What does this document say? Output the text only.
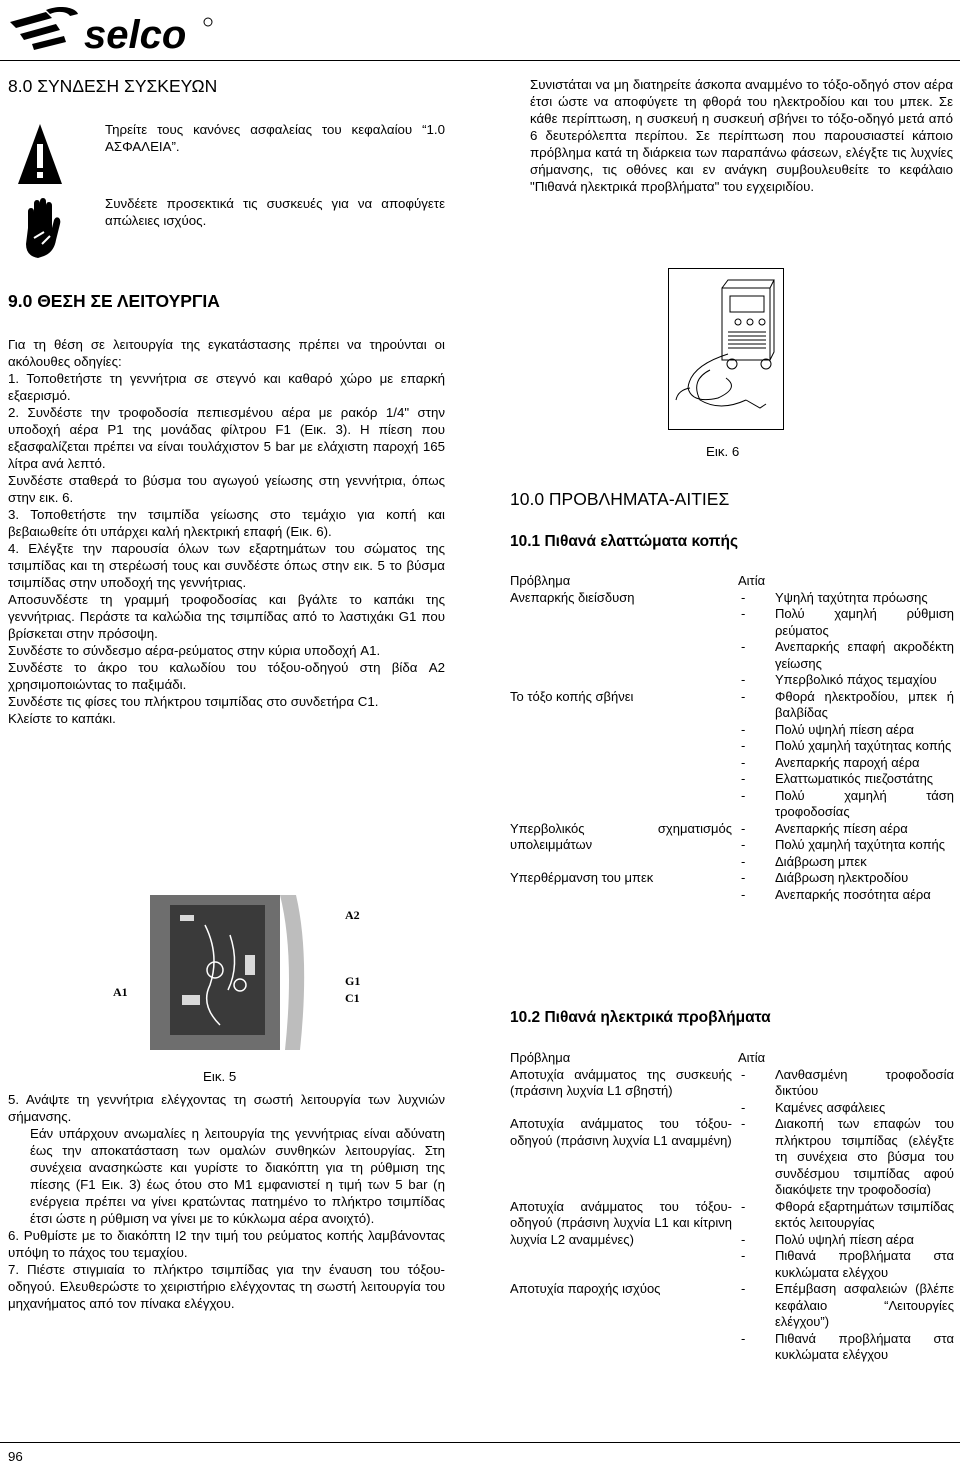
selco
8.0 ΣΥΝΔΕΣΗ ΣΥΣΚΕΥΩΝ

Τηρείτε τους κανόνες ασφαλείας του κεφαλαίου “1.0 ΑΣΦΑΛΕΙΑ”.

Συνδέετε προσεκτικά τις συσκευές για να αποφύγετε απώλειες ισχύος.

Συνιστάται να μη διατηρείτε άσκοπα αναμμένο το τόξο-οδηγό στον αέρα έτσι ώστε να αποφύγετε τη φθορά του ηλεκτροδίου και του μπεκ. Σε κάθε περίπτωση, η συσκευή η συσκευή σβήνει το τόξο-οδηγό μετά από 6 δευτερόλεπτα περίπου. Σε περίπτωση που παρουσιαστεί κάποιο πρόβλημα κατά τη διάρκεια των παραπάνω φάσεων, ελέγξτε τις λυχνίες σήμανσης, τις οθόνες και εν ανάγκη συμβουλευθείτε το κεφάλαιο "Πιθανά ηλεκτρικά προβλήματα" του εγχειριδίου.

9.0 ΘΕΣΗ ΣΕ ΛΕΙΤΟΥΡΓΙΑ

Για τη θέση σε λειτουργία της εγκατάστασης πρέπει να τηρούνται οι ακόλουθες οδηγίες:

1. Τοποθετήστε τη γεννήτρια σε στεγνό και καθαρό χώρο με επαρκή εξαερισμό.

2. Συνδέστε την τροφοδοσία πεπιεσμένου αέρα με ρακόρ 1/4" στην υποδοχή αέρα P1 της μονάδας φίλτρου F1 (Εικ. 3). Η πίεση που εξασφαλίζεται πρέπει να είναι τουλάχιστον 5 bar με ελάχιστη παροχή 165 λίτρα ανά λεπτό.

Συνδέστε σταθερά το βύσμα του αγωγού γείωσης στη γεννήτρια, όπως στην εικ. 6.

3. Τοποθετήστε την τσιμπίδα γείωσης στο τεμάχιο για κοπή και βεβαιωθείτε ότι υπάρχει καλή ηλεκτρική επαφή (Εικ. 6).

4. Ελέγξτε την παρουσία όλων των εξαρτημάτων του σώματος της τσιμπίδας και τη στερέωσή τους και συνδέστε όπως στην εικ. 5 το βύσμα τσιμπίδας στην υποδοχή της γεννήτριας.

Αποσυνδέστε τη γραμμή τροφοδοσίας και βγάλτε το καπάκι της γεννήτριας. Περάστε τα καλώδια της τσιμπίδας από το λαστιχάκι G1 που βρίσκεται στην πρόσοψη.

Συνδέστε το σύνδεσμο αέρα-ρεύματος στην κύρια υποδοχή A1.

Συνδέστε το άκρο του καλωδίου του τόξου-οδηγού στη βίδα A2 χρησιμοποιώντας το παξιμάδι.

Συνδέστε τις φίσες του πλήκτρου τσιμπίδας στο συνδετήρα C1.

Κλείστε το καπάκι.

A2
A1
G1
C1
Εικ. 5

5. Ανάψτε τη γεννήτρια ελέγχοντας τη σωστή λειτουργία των λυχνιών σήμανσης.

Εάν υπάρχουν ανωμαλίες η λειτουργία της γεννήτριας είναι αδύνατη έως την αποκατάσταση των ομαλών συνθηκών λειτουργίας. Στη συνέχεια ανασηκώστε και γυρίστε το διακόπτη για τη ρύθμιση της πίεσης (F1 Εικ. 3) έως ότου στο M1 εμφανιστεί η τιμή των 5 bar (η ενέργεια πρέπει να γίνει κρατώντας πατημένο το πλήκτρο τσιμπίδας έτσι ώστε η ρύθμιση να γίνει με το κύκλωμα αέρα ανοιχτό).

6. Ρυθμίστε με το διακόπτη I2 την τιμή του ρεύματος κοπής λαμβάνοντας υπόψη το πάχος του τεμαχίου.

7. Πιέστε στιγμιαία το πλήκτρο τσιμπίδας για την έναυση του τόξου-οδηγού. Ελευθερώστε το χειριστήριο ελέγχοντας τη σωστή λειτουργία του μηχανήματος από τον πίνακα ελέγχου.

Εικ. 6
10.0 ΠΡΟΒΛΗΜΑΤΑ-ΑΙΤΙΕΣ
10.1 Πιθανά ελαττώματα κοπής
Πρόβλημα	Αιτία	
Ανεπαρκής διείσδυση	-	Υψηλή ταχύτητα πρόωσης
	-	Πολύ χαμηλή ρύθμιση ρεύματος
	-	Ανεπαρκής επαφή ακροδέκτη γείωσης
	-	Υπερβολικό πάχος τεμαχίου
Το τόξο κοπής σβήνει	-	Φθορά ηλεκτροδίου, μπεκ ή βαλβίδας
	-	Πολύ υψηλή πίεση αέρα
	-	Πολύ χαμηλή ταχύτητας κοπής
	-	Ανεπαρκής παροχή αέρα
	-	Ελαττωματικός πιεζοστάτης
	-	Πολύ χαμηλή τάση τροφοδοσίας
Υπερβολικός σχηματισμός υπολειμμάτων	-	Ανεπαρκής πίεση αέρα
	-	Πολύ χαμηλή ταχύτητα κοπής
	-	Διάβρωση μπεκ
Υπερθέρμανση του μπεκ	-	Διάβρωση ηλεκτροδίου
	-	Ανεπαρκής ποσότητα αέρα
10.2 Πιθανά ηλεκτρικά προβλήματα
Πρόβλημα	Αιτία	
Αποτυχία ανάμματος της συσκευής (πράσινη λυχνία L1 σβηστή)	-	Λανθασμένη τροφοδοσία δικτύου
	-	Καμένες ασφάλειες
Αποτυχία ανάμματος του τόξου-οδηγού (πράσινη λυχνία L1 αναμμένη)	-	Διακοπή των επαφών του πλήκτρου τσιμπίδας (ελέγξτε τη συνέχεια στο βύσμα του συνδέσμου τσιμπίδας αφού διακόψετε την τροφοδοσία)
Αποτυχία ανάμματος του τόξου-οδηγού (πράσινη λυχνία L1 και κίτρινη λυχνία L2 αναμμένες)	-	Φθορά εξαρτημάτων τσιμπίδας εκτός λειτουργίας
	-	Πολύ υψηλή πίεση αέρα
	-	Πιθανά προβλήματα στα κυκλώματα ελέγχου
Αποτυχία παροχής ισχύος	-	Επέμβαση ασφαλειών (βλέπε κεφάλαιο “Λειτουργίες ελέγχου”)
	-	Πιθανά προβλήματα στα κυκλώματα ελέγχου
96
